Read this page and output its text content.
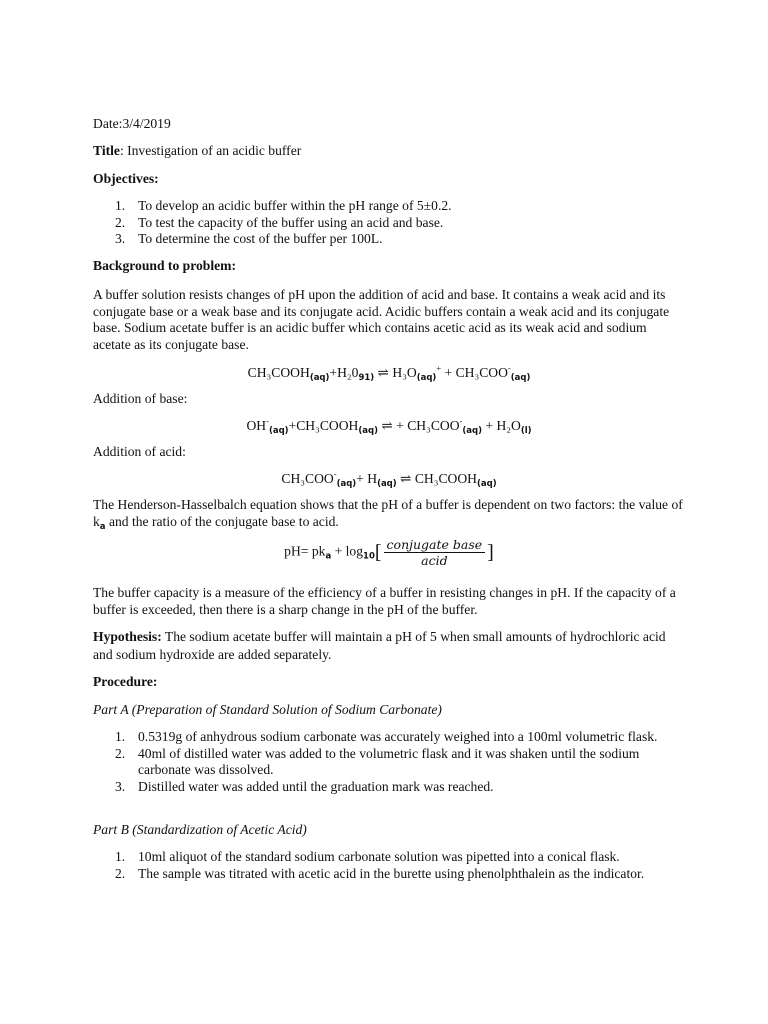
Date:3/4/2019

Title: Investigation of an acidic buffer

Objectives:

1. To develop an acidic buffer within the pH range of 5±0.2.
2. To test the capacity of the buffer using an acid and base.
3. To determine the cost of the buffer per 100L.

Background to problem:

A buffer solution resists changes of pH upon the addition of acid and base. It contains a weak acid and its conjugate base or a weak base and its conjugate acid. Acidic buffers contain a weak acid and its conjugate base. Sodium acetate buffer is an acidic buffer which contains acetic acid as its weak acid and sodium acetate as its conjugate base.

$CH_3COOH_{(aq)}+H_20_{91)}$ ⇌ $H_3O_{(aq)}^+ + CH_3COO^-_{(aq)}$

Addition of base:

$OH^-_{(aq)}+CH_3COOH_{(aq)}$ ⇌ + $CH_3COO^-_{(aq)} + H_2O_{(l)}$

Addition of acid:

$CH_3COO^-_{(aq)}+ H_{(aq)}$ ⇌ $CH_3COOH_{(aq)}$

The Henderson-Hasselbalch equation shows that the pH of a buffer is dependent on two factors: the value of $k_a$ and the ratio of the conjugate base to acid.

$pH= pk_a + \log_{10}[ \frac{\text{conjugate base}}{\text{acid}}$ ]

The buffer capacity is a measure of the efficiency of a buffer in resisting changes in pH. If the capacity of a buffer is exceeded, then there is a sharp change in the pH of the buffer.

Hypothesis: The sodium acetate buffer will maintain a pH of 5 when small amounts of hydrochloric acid and sodium hydroxide are added separately.

Procedure:

Part A (Preparation of Standard Solution of Sodium Carbonate)

1. 0.5319g of anhydrous sodium carbonate was accurately weighed into a 100ml volumetric flask.
2. 40ml of distilled water was added to the volumetric flask and it was shaken until the sodium carbonate was dissolved.
3. Distilled water was added until the graduation mark was reached.

Part B (Standardization of Acetic Acid)

1. 10ml aliquot of the standard sodium carbonate solution was pipetted into a conical flask.
2. The sample was titrated with acetic acid in the burette using phenolphthalein as the indicator.
